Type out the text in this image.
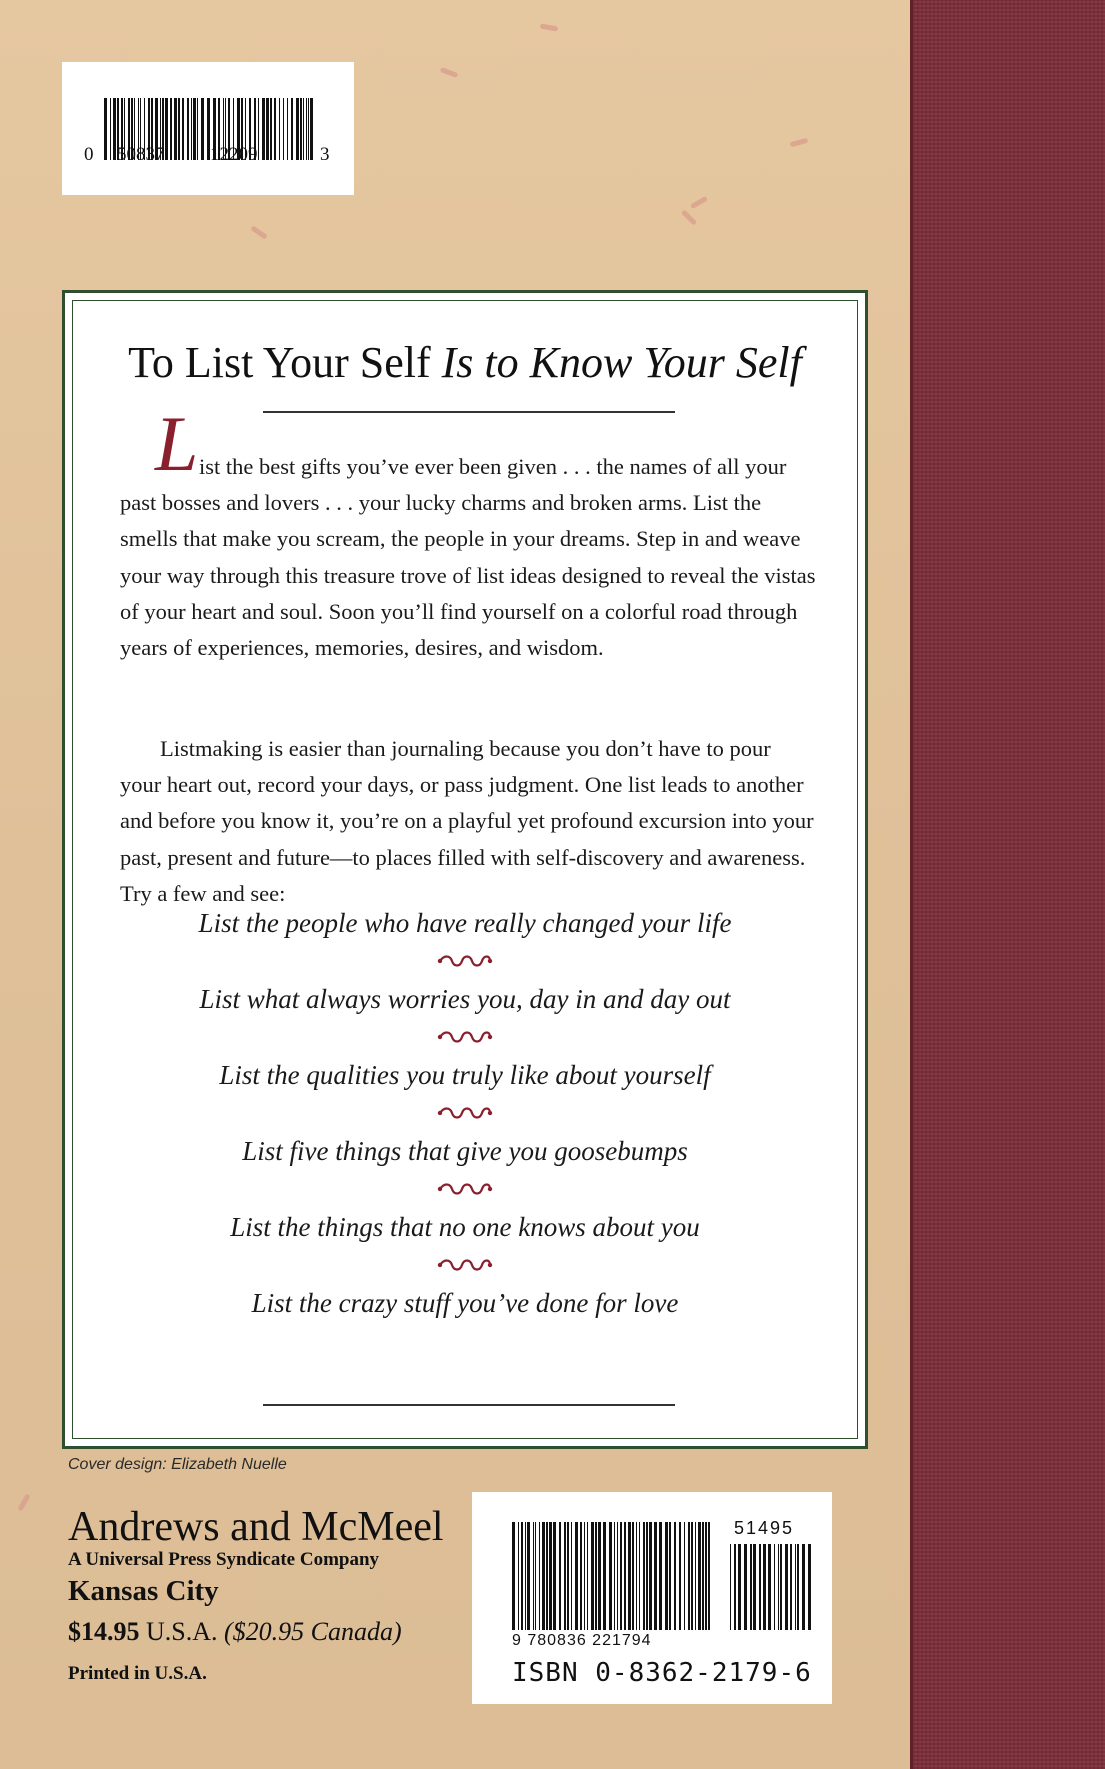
0 50837 12209	3
To List Your Self Is to Know Your Self
L ist the best gifts you’ve ever been given . . . the names of all your past bosses and lovers . . . your lucky charms and broken arms. List the smells that make you scream, the people in your dreams. Step in and weave your way through this treasure trove of list ideas designed to reveal the vistas of your heart and soul. Soon you’ll find yourself on a colorful road through years of experiences, memories, desires, and wisdom.
Listmaking is easier than journaling because you don’t have to pour your heart out, record your days, or pass judgment. One list leads to another and before you know it, you’re on a playful yet profound excursion into your past, present and future—to places filled with self-discovery and awareness. Try a few and see:
List the people who have really changed your life
List what always worries you, day in and day out
List the qualities you truly like about yourself
List five things that give you goosebumps
List the things that no one knows about you
List the crazy stuff you’ve done for love
Cover design: Elizabeth Nuelle
Andrews and McMeel
A Universal Press Syndicate Company
Kansas City
$14.95 U.S.A. ($20.95 Canada)
Printed in U.S.A.
51495
9 780836 221794
ISBN 0-8362-2179-6
